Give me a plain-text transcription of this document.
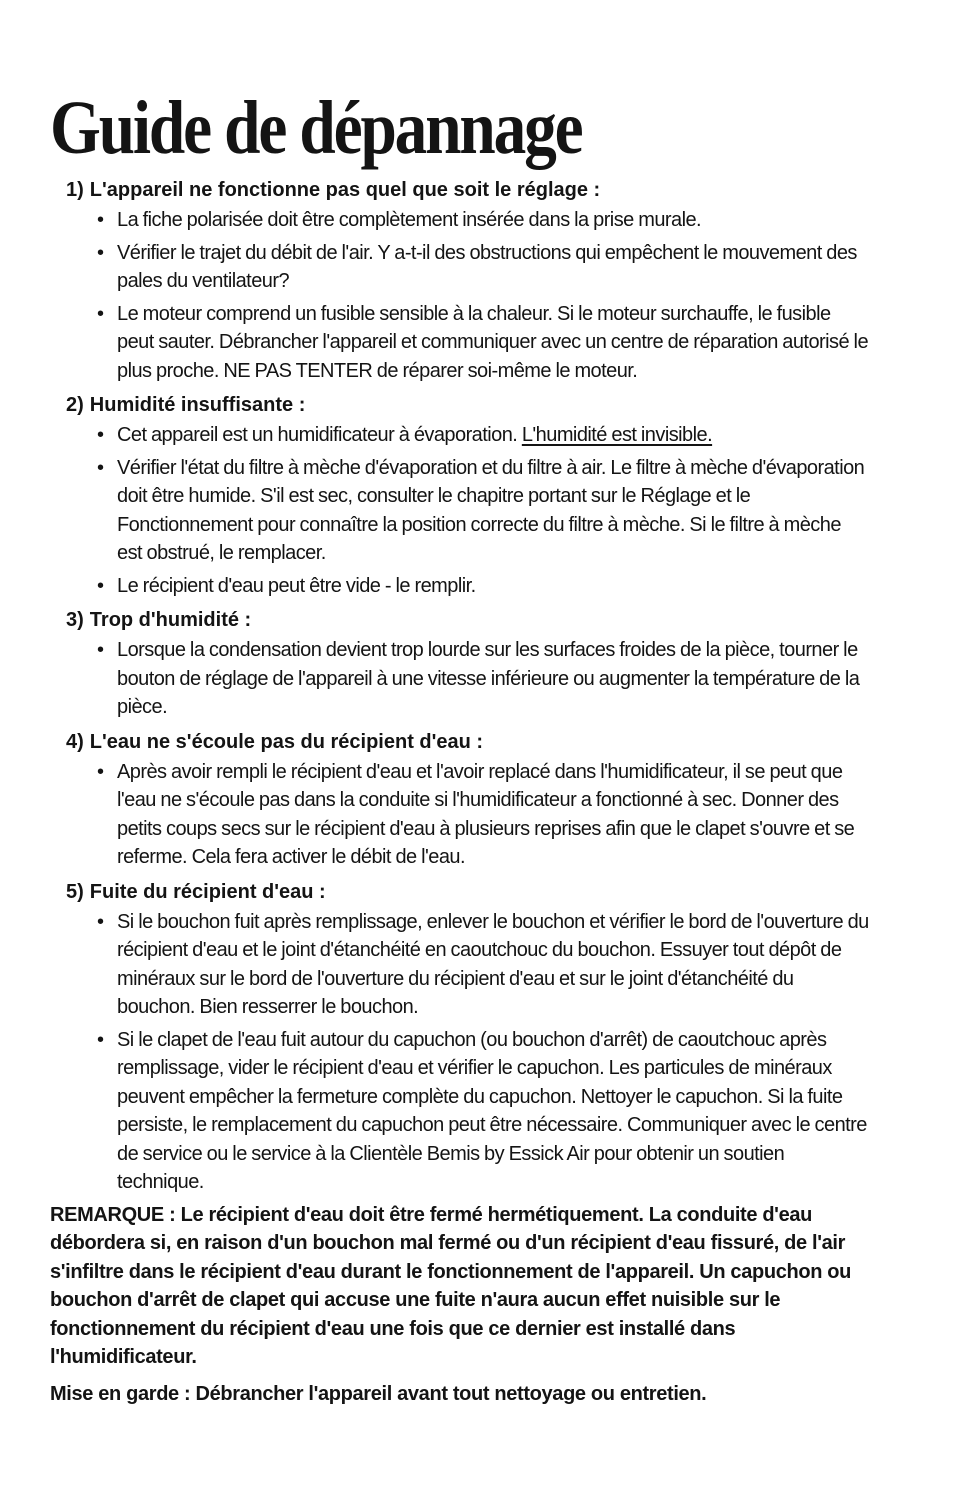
Guide de dépannage
1) L'appareil ne fonctionne pas quel que soit le réglage :
• La fiche polarisée doit être complètement insérée dans la prise murale.
• Vérifier le trajet du débit de l'air. Y a-t-il des obstructions qui empêchent le mouvement des pales du ventilateur?
• Le moteur comprend un fusible sensible à la chaleur. Si le moteur surchauffe, le fusible peut sauter. Débrancher l'appareil et communiquer avec un centre de réparation autorisé le plus proche. NE PAS TENTER de réparer soi-même le moteur.
2) Humidité insuffisante :
• Cet appareil est un humidificateur à évaporation. L'humidité est invisible.
• Vérifier l'état du filtre à mèche d'évaporation et du filtre à air. Le filtre à mèche d'évaporation doit être humide. S'il est sec, consulter le chapitre portant sur le Réglage et le Fonctionnement pour connaître la position correcte du filtre à mèche. Si le filtre à mèche est obstrué, le remplacer.
• Le récipient d'eau peut être vide - le remplir.
3) Trop d'humidité :
• Lorsque la condensation devient trop lourde sur les surfaces froides de la pièce, tourner le bouton de réglage de l'appareil à une vitesse inférieure ou augmenter la température de la pièce.
4) L'eau ne s'écoule pas du récipient d'eau :
• Après avoir rempli le récipient d'eau et l'avoir replacé dans l'humidificateur, il se peut que l'eau ne s'écoule pas dans la conduite si l'humidificateur a fonctionné à sec. Donner des petits coups secs sur le récipient d'eau à plusieurs reprises afin que le clapet s'ouvre et se referme. Cela fera activer le débit de l'eau.
5) Fuite du récipient d'eau :
• Si le bouchon fuit après remplissage, enlever le bouchon et vérifier le bord de l'ouverture du récipient d'eau et le joint d'étanchéité en caoutchouc du bouchon. Essuyer tout dépôt de minéraux sur le bord de l'ouverture du récipient d'eau et sur le joint d'étanchéité du bouchon. Bien resserrer le bouchon.
• Si le clapet de l'eau fuit autour du capuchon (ou bouchon d'arrêt) de caoutchouc après remplissage, vider le récipient d'eau et vérifier le capuchon. Les particules de minéraux peuvent empêcher la fermeture complète du capuchon. Nettoyer le capuchon. Si la fuite persiste, le remplacement du capuchon peut être nécessaire. Communiquer avec le centre de service ou le service à la Clientèle Bemis by Essick Air pour obtenir un soutien technique.

REMARQUE : Le récipient d'eau doit être fermé hermétiquement. La conduite d'eau débordera si, en raison d'un bouchon mal fermé ou d'un récipient d'eau fissuré, de l'air s'infiltre dans le récipient d'eau durant le fonctionnement de l'appareil. Un capuchon ou bouchon d'arrêt de clapet qui accuse une fuite n'aura aucun effet nuisible sur le fonctionnement du récipient d'eau une fois que ce dernier est installé dans l'humidificateur.

Mise en garde : Débrancher l'appareil avant tout nettoyage ou entretien.
